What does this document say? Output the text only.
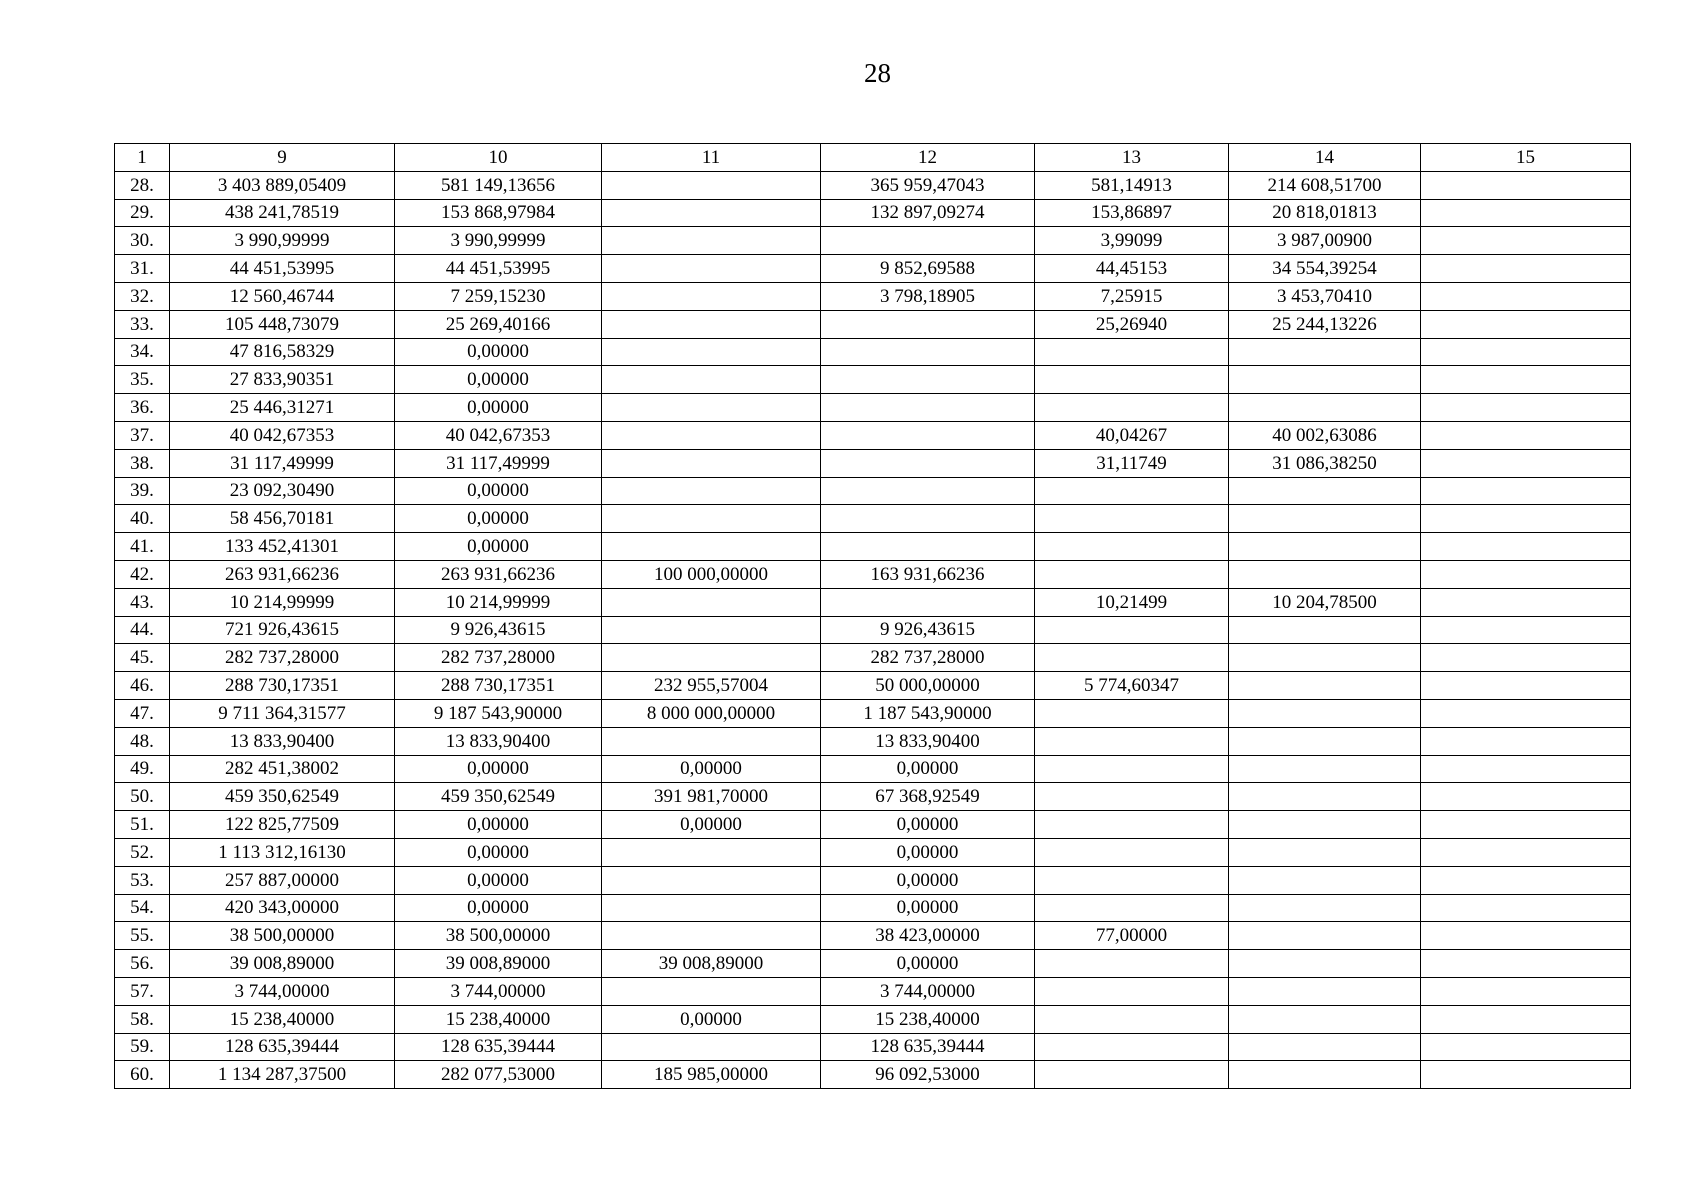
28
1	9	10	11	12	13	14	15
28.	3 403 889,05409	581 149,13656		365 959,47043	581,14913	214 608,51700	
29.	438 241,78519	153 868,97984		132 897,09274	153,86897	20 818,01813	
30.	3 990,99999	3 990,99999			3,99099	3 987,00900	
31.	44 451,53995	44 451,53995		9 852,69588	44,45153	34 554,39254	
32.	12 560,46744	7 259,15230		3 798,18905	7,25915	3 453,70410	
33.	105 448,73079	25 269,40166			25,26940	25 244,13226	
34.	47 816,58329	0,00000					
35.	27 833,90351	0,00000					
36.	25 446,31271	0,00000					
37.	40 042,67353	40 042,67353			40,04267	40 002,63086	
38.	31 117,49999	31 117,49999			31,11749	31 086,38250	
39.	23 092,30490	0,00000					
40.	58 456,70181	0,00000					
41.	133 452,41301	0,00000					
42.	263 931,66236	263 931,66236	100 000,00000	163 931,66236			
43.	10 214,99999	10 214,99999			10,21499	10 204,78500	
44.	721 926,43615	9 926,43615		9 926,43615			
45.	282 737,28000	282 737,28000		282 737,28000			
46.	288 730,17351	288 730,17351	232 955,57004	50 000,00000	5 774,60347		
47.	9 711 364,31577	9 187 543,90000	8 000 000,00000	1 187 543,90000			
48.	13 833,90400	13 833,90400		13 833,90400			
49.	282 451,38002	0,00000	0,00000	0,00000			
50.	459 350,62549	459 350,62549	391 981,70000	67 368,92549			
51.	122 825,77509	0,00000	0,00000	0,00000			
52.	1 113 312,16130	0,00000		0,00000			
53.	257 887,00000	0,00000		0,00000			
54.	420 343,00000	0,00000		0,00000			
55.	38 500,00000	38 500,00000		38 423,00000	77,00000		
56.	39 008,89000	39 008,89000	39 008,89000	0,00000			
57.	3 744,00000	3 744,00000		3 744,00000			
58.	15 238,40000	15 238,40000	0,00000	15 238,40000			
59.	128 635,39444	128 635,39444		128 635,39444			
60.	1 134 287,37500	282 077,53000	185 985,00000	96 092,53000			
